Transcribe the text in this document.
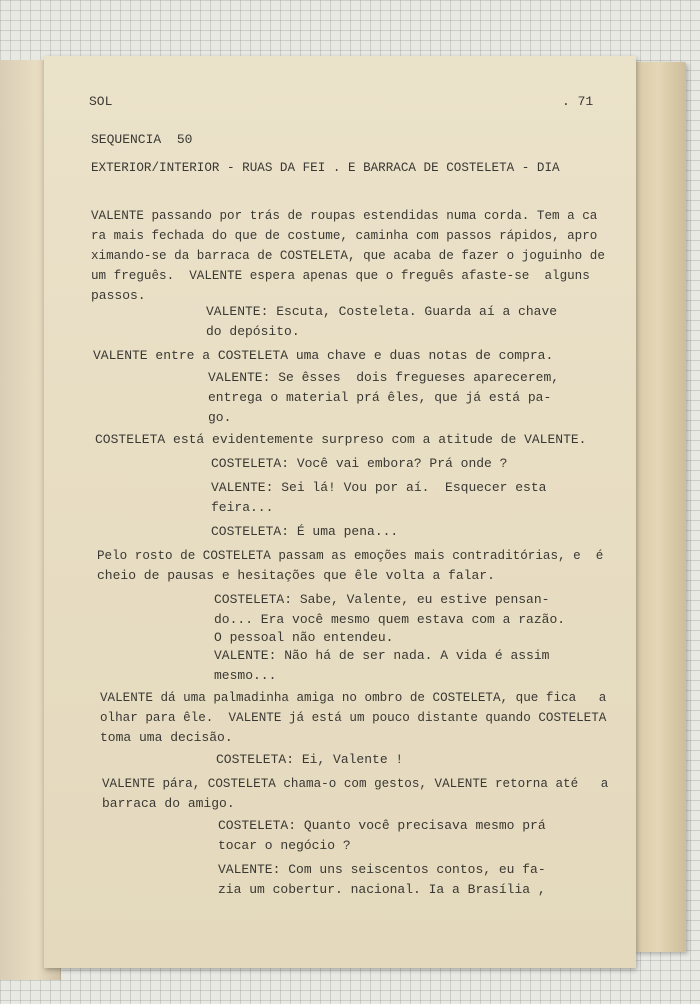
SOL	. 71
SEQUENCIA  50
EXTERIOR/INTERIOR - RUAS DA FEI . E BARRACA DE COSTELETA - DIA
VALENTE passando por trás de roupas estendidas numa corda. Tem a ca
ra mais fechada do que de costume, caminha com passos rápidos, apro
ximando-se da barraca de COSTELETA, que acaba de fazer o joguinho de
um freguês.  VALENTE espera apenas que o freguês afaste-se  alguns
passos.
VALENTE: Escuta, Costeleta. Guarda aí a chave
do depósito.
VALENTE entre a COSTELETA uma chave e duas notas de compra.
VALENTE: Se êsses  dois fregueses aparecerem,
entrega o material prá êles, que já está pa-
go.
COSTELETA está evidentemente surpreso com a atitude de VALENTE.
COSTELETA: Você vai embora? Prá onde ?
VALENTE: Sei lá! Vou por aí.  Esquecer esta
feira...
COSTELETA: É uma pena...
Pelo rosto de COSTELETA passam as emoções mais contraditórias, e  é
cheio de pausas e hesitações que êle volta a falar.
COSTELETA: Sabe, Valente, eu estive pensan-
do... Era você mesmo quem estava com a razão.
O pessoal não entendeu.
VALENTE: Não há de ser nada. A vida é assim
mesmo...
VALENTE dá uma palmadinha amiga no ombro de COSTELETA, que fica   a
olhar para êle.  VALENTE já está um pouco distante quando COSTELETA
toma uma decisão.
COSTELETA: Ei, Valente !
VALENTE pára, COSTELETA chama-o com gestos, VALENTE retorna até   a
barraca do amigo.
COSTELETA: Quanto você precisava mesmo prá
tocar o negócio ?
VALENTE: Com uns seiscentos contos, eu fa-
zia um cobertur. nacional. Ia a Brasília ,
